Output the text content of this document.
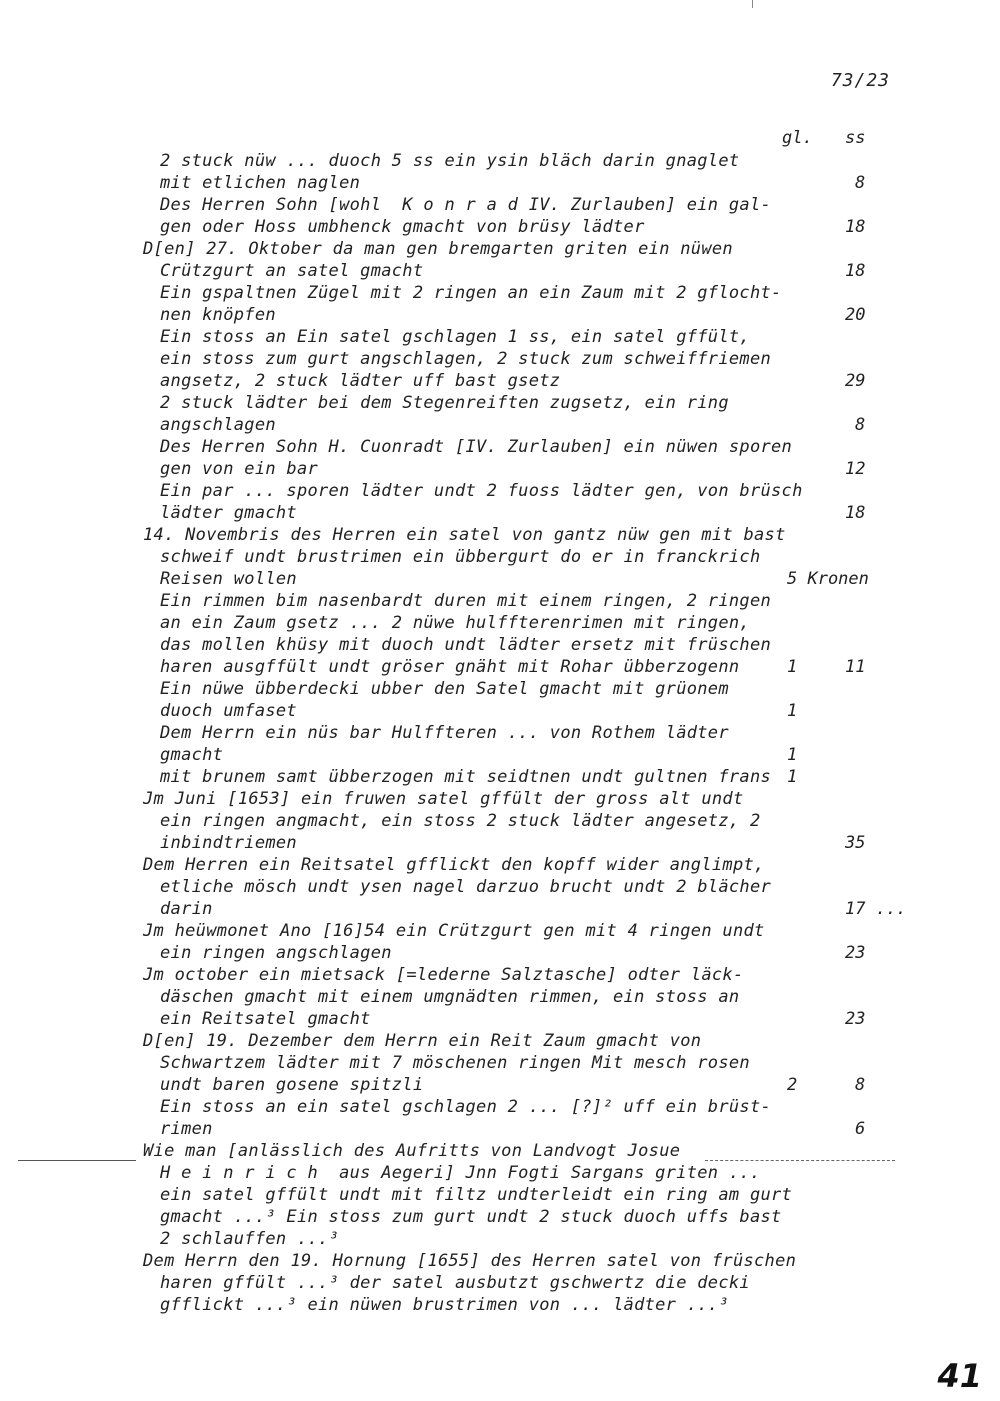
73/23
gl. ss
2 stuck nüw ... duoch 5 ss ein ysin bläch darin gnaglet
mit etlichen naglen
Des Herren Sohn [wohl  K o n r a d IV. Zurlauben] ein gal-
gen oder Hoss umbhenck gmacht von brüsy lädter
D[en] 27. Oktober da man gen bremgarten griten ein nüwen
Crützgurt an satel gmacht
Ein gspaltnen Zügel mit 2 ringen an ein Zaum mit 2 gflocht-
nen knöpfen
Ein stoss an Ein satel gschlagen 1 ss, ein satel gffült,
ein stoss zum gurt angschlagen, 2 stuck zum schweiffriemen
angsetz, 2 stuck lädter uff bast gsetz
2 stuck lädter bei dem Stegenreiften zugsetz, ein ring
angschlagen
Des Herren Sohn H. Cuonradt [IV. Zurlauben] ein nüwen sporen
gen von ein bar
Ein par ... sporen lädter undt 2 fuoss lädter gen, von brüsch
lädter gmacht
14. Novembris des Herren ein satel von gantz nüw gen mit bast
schweif undt brustrimen ein übbergurt do er in franckrich
Reisen wollen
Ein rimmen bim nasenbardt duren mit einem ringen, 2 ringen
an ein Zaum gsetz ... 2 nüwe hulffterenrimen mit ringen,
das mollen khüsy mit duoch undt lädter ersetz mit früschen
haren ausgffült undt gröser gnäht mit Rohar übberzogenn
Ein nüwe übberdecki ubber den Satel gmacht mit grüonem
duoch umfaset
Dem Herrn ein nüs bar Hulffteren ... von Rothem lädter
gmacht
mit brunem samt übberzogen mit seidtnen undt gultnen frans
Jm Juni [1653] ein fruwen satel gffült der gross alt undt
ein ringen angmacht, ein stoss 2 stuck lädter angesetz, 2
inbindtriemen
Dem Herren ein Reitsatel gfflickt den kopff wider anglimpt,
etliche mösch undt ysen nagel darzuo brucht undt 2 blächer
darin
Jm heüwmonet Ano [16]54 ein Crützgurt gen mit 4 ringen undt
ein ringen angschlagen
Jm october ein mietsack [=lederne Salztasche] odter läck-
däschen gmacht mit einem umgnädten rimmen, ein stoss an
ein Reitsatel gmacht
D[en] 19. Dezember dem Herrn ein Reit Zaum gmacht von
Schwartzem lädter mit 7 möschenen ringen Mit mesch rosen
undt baren gosene spitzli
Ein stoss an ein satel gschlagen 2 ... [?]² uff ein brüst-
rimen
Wie man [anlässlich des Aufritts von Landvogt Josue
H e i n r i c h  aus Aegeri] Jnn Fogti Sargans griten ...
ein satel gffült undt mit filtz undterleidt ein ring am gurt
gmacht ...³ Ein stoss zum gurt undt 2 stuck duoch uffs bast
2 schlauffen ...³
Dem Herrn den 19. Hornung [1655] des Herren satel von früschen
haren gffült ...³ der satel ausbutzt gschwertz die decki
gfflickt ...³ ein nüwen brustrimen von ... lädter ...³
8
18
18
20
29
8
12
18
5 Kronen
1	11
1
1
1
35
17 ...
23
23
2	8
6
41
